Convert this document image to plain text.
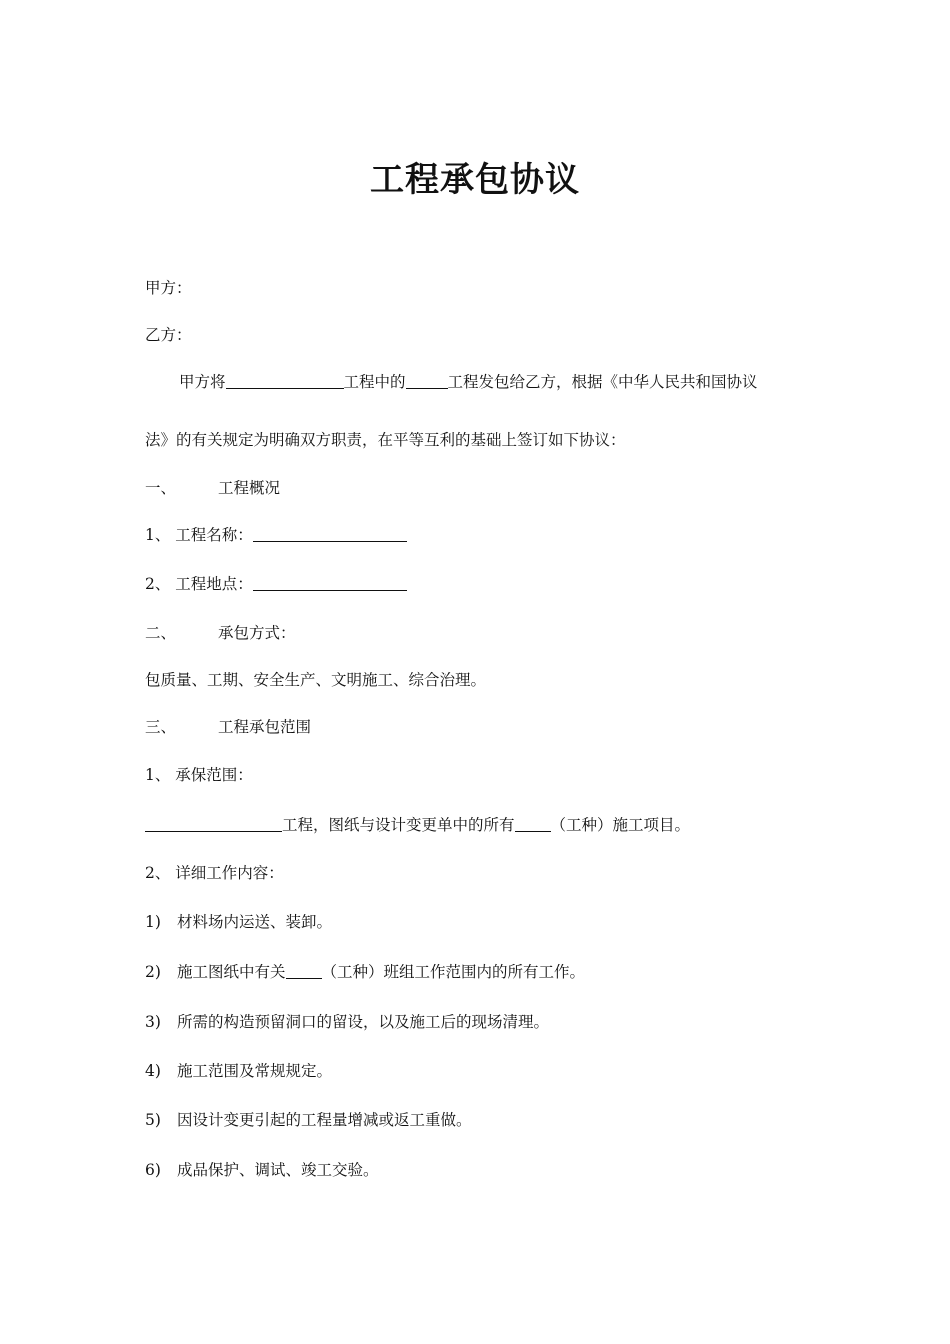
工程承包协议
甲方：
乙方：
甲方将	工程中的	工程发包给乙方，根据《中华人民共和国协议
法》的有关规定为明确双方职责，在平等互利的基础上签订如下协议：
一、	工程概况
1、 工程名称：
2、 工程地点：
二、	承包方式：
包质量、工期、安全生产、文明施工、综合治理。
三、	工程承包范围
1、 承保范围：
工程，图纸与设计变更单中的所有 （工种）施工项目。
2、 详细工作内容：
1) 材料场内运送、装卸。
2) 施工图纸中有关 （工种）班组工作范围内的所有工作。
3) 所需的构造预留洞口的留设，以及施工后的现场清理。
4) 施工范围及常规规定。
5) 因设计变更引起的工程量增减或返工重做。
6) 成品保护、调试、竣工交验。
